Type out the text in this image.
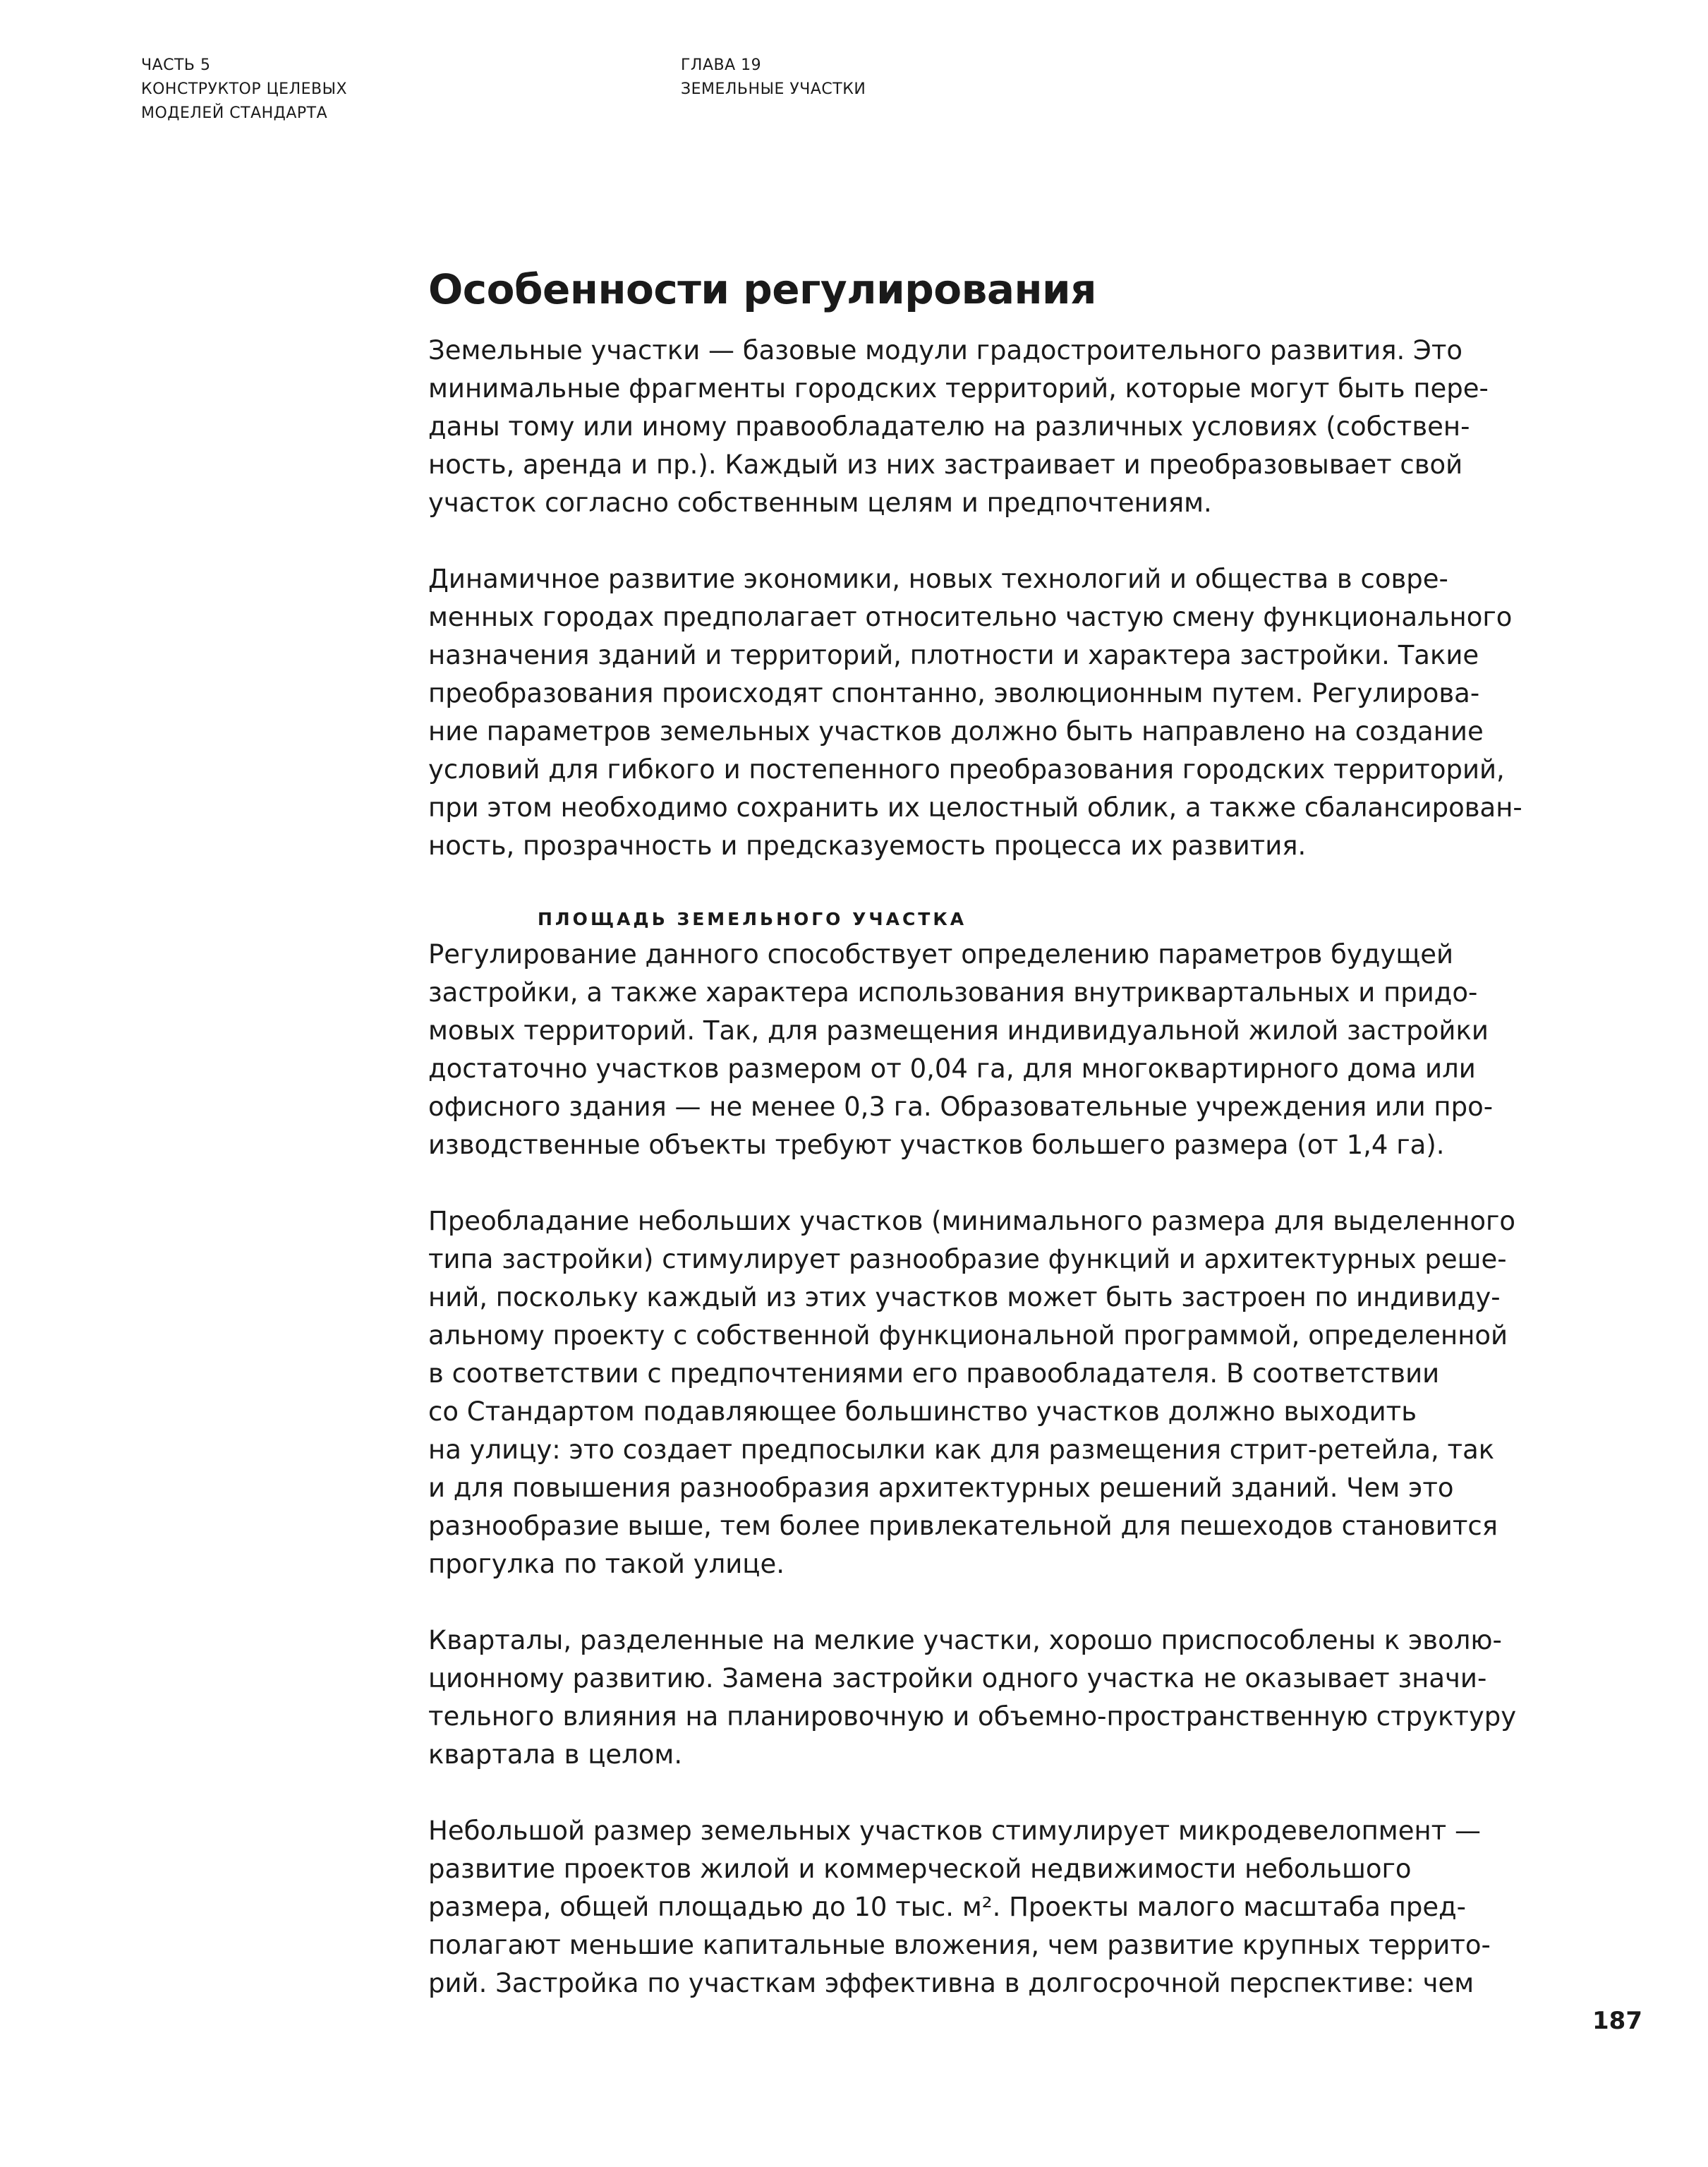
ЧАСТЬ 5
КОНСТРУКТОР ЦЕЛЕВЫХ
МОДЕЛЕЙ СТАНДАРТА
ГЛАВА 19
ЗЕМЕЛЬНЫЕ УЧАСТКИ
Особенности регулирования

Земельные участки — базовые модули градостроительного развития. Это
минимальные фрагменты городских территорий, которые могут быть пере-
даны тому или иному правообладателю на различных условиях (собствен-
ность, аренда и пр.). Каждый из них застраивает и преобразовывает свой
участок согласно собственным целям и предпочтениям.

Динамичное развитие экономики, новых технологий и общества в совре-
менных городах предполагает относительно частую смену функционального
назначения зданий и территорий, плотности и характера застройки. Такие
преобразования происходят спонтанно, эволюционным путем. Регулирова-
ние параметров земельных участков должно быть направлено на создание
условий для гибкого и постепенного преобразования городских территорий,
при этом необходимо сохранить их целостный облик, а также сбалансирован-
ность, прозрачность и предсказуемость процесса их развития.

ПЛОЩАДЬ ЗЕМЕЛЬНОГО УЧАСТКА

Регулирование данного способствует определению параметров будущей
застройки, а также характера использования внутриквартальных и придо-
мовых территорий. Так, для размещения индивидуальной жилой застройки
достаточно участков размером от 0,04 га, для многоквартирного дома или
офисного здания — не менее 0,3 га. Образовательные учреждения или про-
изводственные объекты требуют участков большего размера (от 1,4 га).

Преобладание небольших участков (минимального размера для выделенного
типа застройки) стимулирует разнообразие функций и архитектурных реше-
ний, поскольку каждый из этих участков может быть застроен по индивиду-
альному проекту с собственной функциональной программой, определенной
в соответствии с предпочтениями его правообладателя. В соответствии
со Стандартом подавляющее большинство участков должно выходить
на улицу: это создает предпосылки как для размещения стрит-ретейла, так
и для повышения разнообразия архитектурных решений зданий. Чем это
разнообразие выше, тем более привлекательной для пешеходов становится
прогулка по такой улице.

Кварталы, разделенные на мелкие участки, хорошо приспособлены к эволю-
ционному развитию. Замена застройки одного участка не оказывает значи-
тельного влияния на планировочную и объемно-пространственную структуру
квартала в целом.

Небольшой размер земельных участков стимулирует микродевелопмент —
развитие проектов жилой и коммерческой недвижимости небольшого
размера, общей площадью до 10 тыс. м². Проекты малого масштаба пред-
полагают меньшие капитальные вложения, чем развитие крупных террито-
рий. Застройка по участкам эффективна в долгосрочной перспективе: чем

187
